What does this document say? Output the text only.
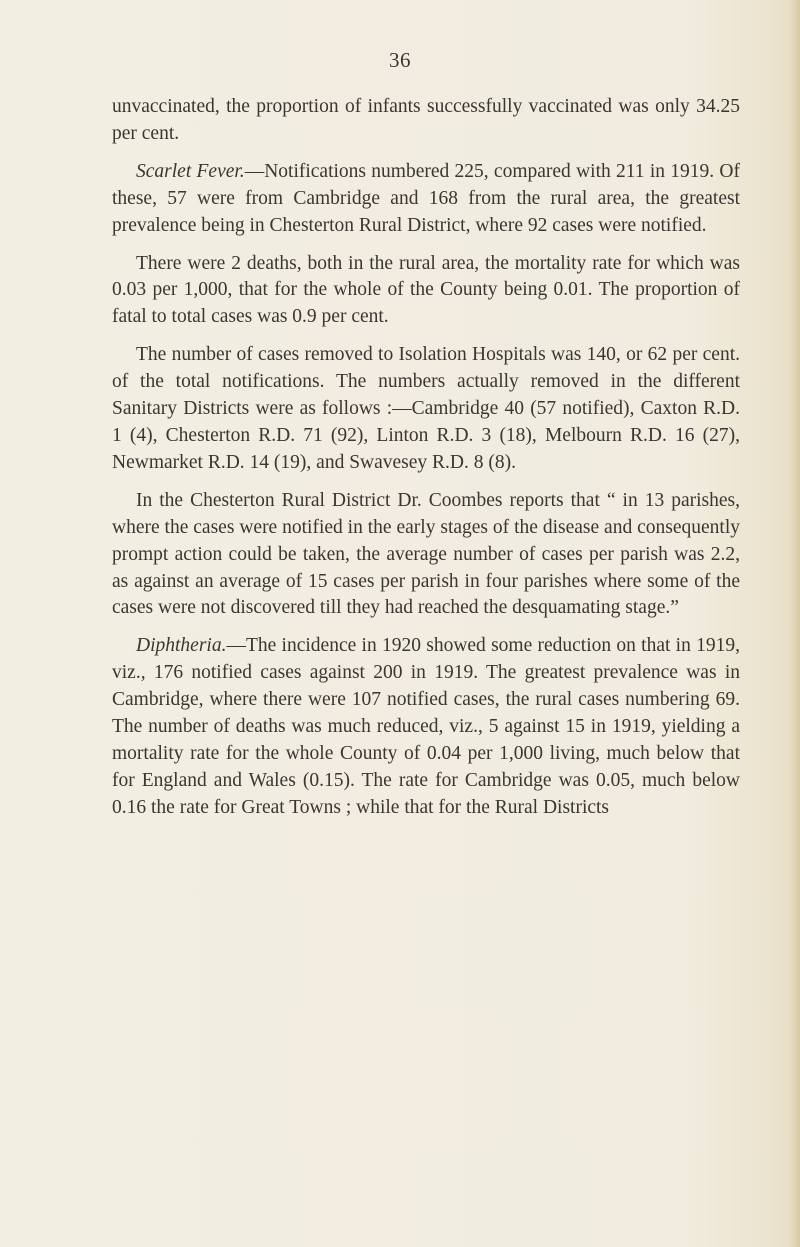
36

unvaccinated, the proportion of infants successfully vaccinated was only 34.25 per cent.

Scarlet Fever.—Notifications numbered 225, compared with 211 in 1919. Of these, 57 were from Cambridge and 168 from the rural area, the greatest prevalence being in Chesterton Rural District, where 92 cases were notified.

There were 2 deaths, both in the rural area, the mortality rate for which was 0.03 per 1,000, that for the whole of the County being 0.01. The proportion of fatal to total cases was 0.9 per cent.

The number of cases removed to Isolation Hospitals was 140, or 62 per cent. of the total notifications. The numbers actually removed in the different Sanitary Districts were as follows :—Cambridge 40 (57 notified), Caxton R.D. 1 (4), Chesterton R.D. 71 (92), Linton R.D. 3 (18), Melbourn R.D. 16 (27), Newmarket R.D. 14 (19), and Swavesey R.D. 8 (8).

In the Chesterton Rural District Dr. Coombes reports that “ in 13 parishes, where the cases were notified in the early stages of the disease and consequently prompt action could be taken, the average number of cases per parish was 2.2, as against an average of 15 cases per parish in four parishes where some of the cases were not discovered till they had reached the desquamating stage.”

Diphtheria.—The incidence in 1920 showed some reduction on that in 1919, viz., 176 notified cases against 200 in 1919. The greatest prevalence was in Cambridge, where there were 107 notified cases, the rural cases numbering 69. The number of deaths was much reduced, viz., 5 against 15 in 1919, yielding a mortality rate for the whole County of 0.04 per 1,000 living, much below that for England and Wales (0.15). The rate for Cambridge was 0.05, much below 0.16 the rate for Great Towns ; while that for the Rural Districts
